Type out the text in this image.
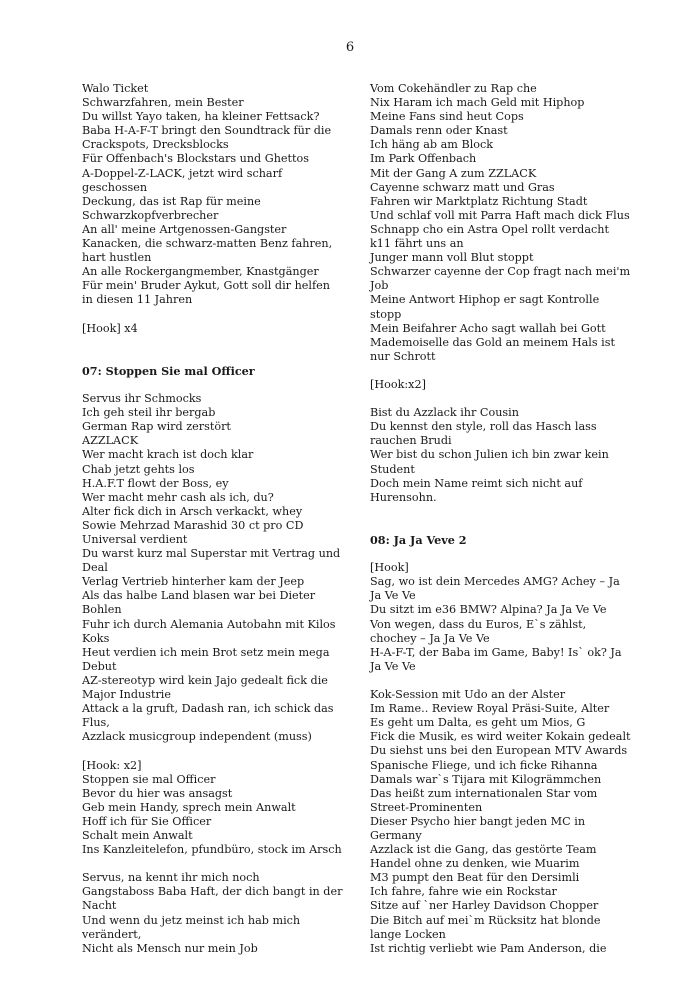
6
Walo Ticket
Schwarzfahren, mein Bester
Du willst Yayo taken, ha kleiner Fettsack?
Baba H-A-F-T bringt den Soundtrack für die Crackspots, Drecksblocks
Für Offenbach's Blockstars und Ghettos
A-Doppel-Z-LACK, jetzt wird scharf geschossen
Deckung, das ist Rap für meine Schwarzkopfverbrecher
An all' meine Artgenossen-Gangster
Kanacken, die schwarz-matten Benz fahren, hart hustlen
An alle Rockergangmember, Knastgänger
Für mein' Bruder Aykut, Gott soll dir helfen in diesen 11 Jahren
[Hook] x4
07: Stoppen Sie mal Officer
Servus ihr Schmocks
Ich geh steil ihr bergab
German Rap wird zerstört
AZZLACK
Wer macht krach ist doch klar
Chab jetzt gehts los
H.A.F.T flowt der Boss, ey
Wer macht mehr cash als ich, du?
Alter fick dich in Arsch verkackt, whey
Sowie Mehrzad Marashid 30 ct pro CD Universal verdient
Du warst kurz mal Superstar mit Vertrag und Deal
Verlag Vertrieb hinterher kam der Jeep
Als das halbe Land blasen war bei Dieter Bohlen
Fuhr ich durch Alemania Autobahn mit Kilos Koks
Heut verdien ich mein Brot setz mein mega Debut
AZ-stereotyp wird kein Jajo gedealt fick die Major Industrie
Attack a la gruft, Dadash ran, ich schick das Flus,
Azzlack musicgroup independent (muss)
[Hook: x2]
Stoppen sie mal Officer
Bevor du hier was ansagst
Geb mein Handy, sprech mein Anwalt
Hoff ich für Sie Officer
Schalt mein Anwalt
Ins Kanzleitelefon, pfundbüro, stock im Arsch
Servus, na kennt ihr mich noch
Gangstaboss Baba Haft, der dich bangt in der Nacht
Und wenn du jetz meinst ich hab mich verändert,
Nicht als Mensch nur mein Job
Vom Cokehändler zu Rap che
Nix Haram ich mach Geld mit Hiphop
Meine Fans sind heut Cops
Damals renn oder Knast
Ich häng ab am Block
Im Park Offenbach
Mit der Gang A zum ZZLACK
Cayenne schwarz matt und Gras
Fahren wir Marktplatz Richtung Stadt
Und schlaf voll mit Parra Haft mach dick Flus
Schnapp cho ein Astra Opel rollt verdacht k11 fährt uns an
Junger mann voll Blut stoppt
Schwarzer cayenne der Cop fragt nach mei'm Job
Meine Antwort Hiphop er sagt Kontrolle stopp
Mein Beifahrer Acho sagt wallah bei Gott
Mademoiselle das Gold an meinem Hals ist nur Schrott
[Hook:x2]
Bist du Azzlack ihr Cousin
Du kennst den style, roll das Hasch lass rauchen Brudi
Wer bist du schon Julien ich bin zwar kein Student
Doch mein Name reimt sich nicht auf Hurensohn.
08: Ja Ja Veve 2
[Hook]
Sag, wo ist dein Mercedes AMG? Achey – Ja Ja Ve Ve
Du sitzt im e36 BMW? Alpina? Ja Ja Ve Ve
Von wegen, dass du Euros, E`s zählst, chochey – Ja Ja Ve Ve
H-A-F-T, der Baba im Game, Baby! Is` ok? Ja Ja Ve Ve
Kok-Session mit Udo an der Alster
Im Rame.. Review Royal Präsi-Suite, Alter
Es geht um Dalta, es geht um Mios, G
Fick die Musik, es wird weiter Kokain gedealt
Du siehst uns bei den European MTV Awards
Spanische Fliege, und ich ficke Rihanna
Damals war`s Tijara mit Kilogrämmchen
Das heißt zum internationalen Star vom Street-Prominenten
Dieser Psycho hier bangt jeden MC in Germany
Azzlack ist die Gang, das gestörte Team
Handel ohne zu denken, wie Muarim
M3 pumpt den Beat für den Dersimli
Ich fahre, fahre wie ein Rockstar
Sitze auf `ner Harley Davidson Chopper
Die Bitch auf mei`m Rücksitz hat blonde lange Locken
Ist richtig verliebt wie Pam Anderson, die
